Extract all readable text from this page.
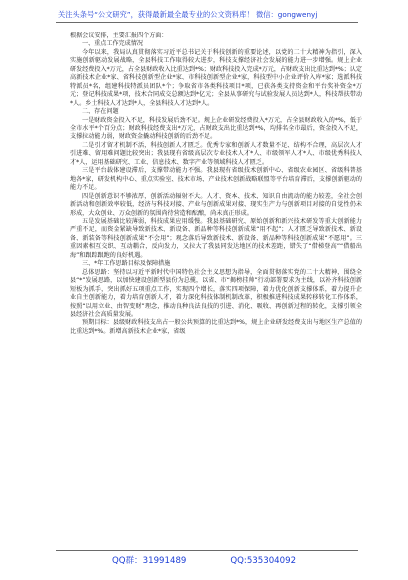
关注头条号“公文研究”，获得最新最全最专业的公文资料库！ 微信：gongwenyj

根据会议安排，主要汇报四个方面：

一、重点工作完成情况

今年以来，我局认真贯彻落实习近平总书记关于科技创新的重要论述，以党的二十大精神为指引，深入实施创新驱动发展战略，全县科技工作取得较大进步，科技支撑经济社会发展的能力进一步增强。规上企业研发经费投入*万元，占全县财政收入比重达到*%；财政科技投入完成*万元，占财政支出比重达到*%；认定高新技术企业*家、省科技创新型企业*家、市科技创新型企业*家，科技型中小企业评价入库*家；选派科技特派员*名，组建科技特派员团队*个；争取省市各类科技项目*项，已获各类支持资金和平台奖补资金*万元；登记科技成果*项，技术合同成交总额达到*亿元；全县从事研究与试验发展人员达到*人，科技帮扶带动*人。乡土科技人才达到*人，全县科技人才达到*人。

二、存在问题

一是财政资金投入不足，科技发展后劲不足。规上企业研发经费投入*万元，占全县财政收入的*%，低于全市水平*个百分点；财政科技经费支出*万元，占财政支出比重达到*%，均排名全市最后，资金投入不足，支撑拉动能力弱，财政资金撬动科技创新的后劲不足。

二是引才留才机制不活，科技创新人才匮乏。优秀专家和创新人才数量不足、结构不合理，高层次人才引进难、留用难问题比较突出；我县现有省级高层次专业技术人才*人、市级领军人才*人、市级优秀科技人才*人，运用基础研究、工业、信息技术、数字产业等领域科技人才匮乏。

三是平台载体建设滞后，支撑带动能力不强。我县现有省级技术创新中心、省级农业园区、省级科普基地各*家，研发机构中心、重点实验室、技术市场、产业技术创新战略联盟等平台培育滞后，支撑创新驱动的能力不足。

四是创新意识不够浓厚，创新活动辐射不大。人才、资本、技术、知识自由流动的能力较差，全社会创新活动和创新效率较低，经济与科技对接、产业与创新成果对接、现实生产力与创新项目对接的自觉性仍未形成，大众创业、万众创新的氛围尚待营造和酝酿，尚未真正形成。

五是发展基础比较薄弱，科技成果应用缓慢。我县基础研究、原始创新和新兴技术研发等重大创新能力严重不足，而资金紧缺导致新技术、新设备、新品种等科技创新成果“用不起”；人才匮乏导致新技术、新设备、新装备等科技创新成果“不会用”；观念落后导致新技术、新设备、新品种等科技创新成果“不愿用”。三重因素相互交织、互动耦合，反向发力，又拉大了我县同发达地区的技术差距，错失了“借梯登高”“借船出海”和跟踪跟跑的良好机遇。

三、*年工作思路目标及保障措施

总体思路：坚持以习近平新时代中国特色社会主义思想为指导，全面贯彻落实党的二十大精神，围绕全县“*”发展思路，以加快建设创新型县份为总揽，以省、市“揭榜挂帅”行动部署要求为主线，以补齐科技创新短板为抓手，突出抓好五项重点工作，实现四个增长，落实四项保障，着力优化创新支撑体系，着力提升企业自主创新能力，着力培育创新人才，着力深化科技体制机制改革，积极推进科技成果转移转化工作体系，按照“以用立业、由智变财”理念，推动良种良法良技的引进、消化、吸收、再创新过程的转化，支撑引领全县经济社会高质量发展。

预期目标：县级财政科技支出占一般公共预算的比重达到*%，规上企业研发经费支出与地区生产总值的比重达到*%。新增高新技术企业*家，省级

QQ群：31991489	QQ:535304092
